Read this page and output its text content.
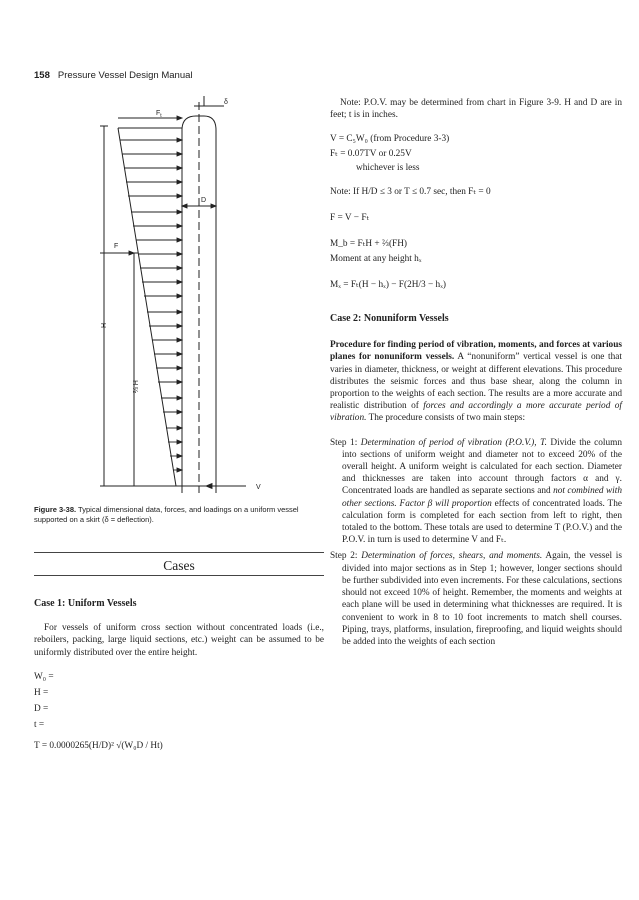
158 Pressure Vessel Design Manual
δ
$F_t$
D
F
H
⅔ H
V
Figure 3-38. Typical dimensional data, forces, and loadings on a uniform vessel supported on a skirt (δ = deflection).
Cases

Case 1: Uniform Vessels

For vessels of uniform cross section without concentrated loads (i.e., reboilers, packing, large liquid sections, etc.) weight can be assumed to be uniformly distributed over the entire height.

W₀ =

H =

D =

t =

T = 0.0000265(H/D)² √(W₀D / Ht)

Note: P.O.V. may be determined from chart in Figure 3-9. H and D are in feet; t is in inches.

V = C₅W₀ (from Procedure 3-3)

Fₜ = 0.07TV or 0.25V

whichever is less

Note: If H/D ≤ 3 or T ≤ 0.7 sec, then Fₜ = 0

F = V − Fₜ

M_b = FₜH + ⅔(FH)

Moment at any height hₓ

Mₓ = Fₜ(H − hₓ) − F(2H/3 − hₓ)

Case 2: Nonuniform Vessels

Procedure for finding period of vibration, moments, and forces at various planes for nonuniform vessels. A “nonuniform” vertical vessel is one that varies in diameter, thickness, or weight at different elevations. This procedure distributes the seismic forces and thus base shear, along the column in proportion to the weights of each section. The results are a more accurate and realistic distribution of forces and accordingly a more accurate period of vibration. The procedure consists of two main steps:

Step 1: Determination of period of vibration (P.O.V.), T. Divide the column into sections of uniform weight and diameter not to exceed 20% of the overall height. A uniform weight is calculated for each section. Diameter and thicknesses are taken into account through factors α and γ. Concentrated loads are handled as separate sections and not combined with other sections. Factor β will proportion effects of concentrated loads. The calculation form is completed for each section from left to right, then totaled to the bottom. These totals are used to determine T (P.O.V.) and the P.O.V. in turn is used to determine V and Fₜ.

Step 2: Determination of forces, shears, and moments. Again, the vessel is divided into major sections as in Step 1; however, longer sections should be further subdivided into even increments. For these calculations, sections should not exceed 10% of height. Remember, the moments and weights at each plane will be used in determining what thicknesses are required. It is convenient to work in 8 to 10 foot increments to match shell courses. Piping, trays, platforms, insulation, fireproofing, and liquid weights should be added into the weights of each section
